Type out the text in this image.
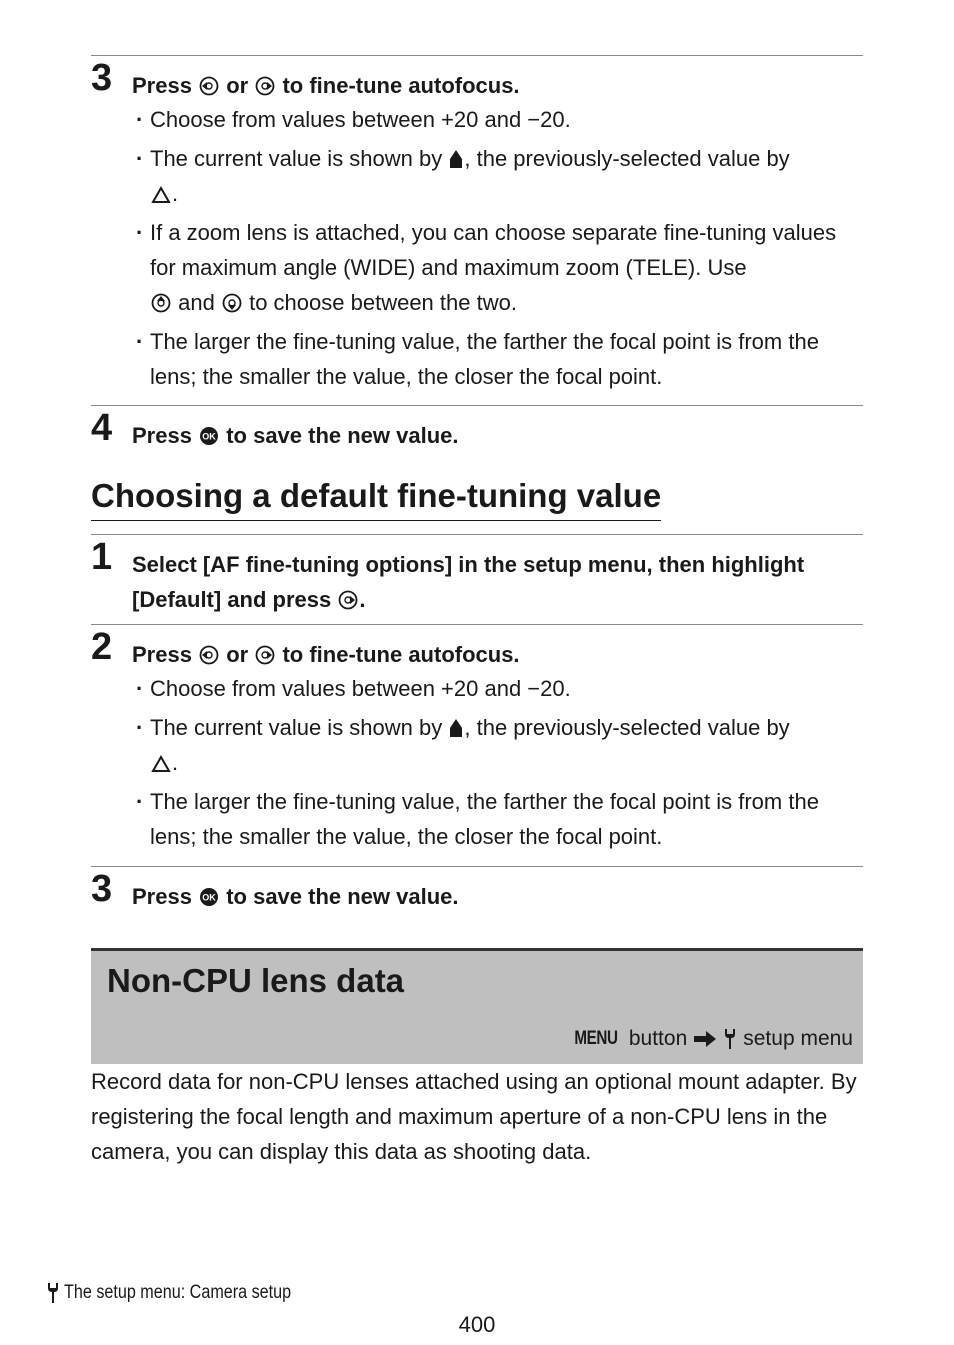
3 Press or to fine-tune autofocus.
· Choose from values between +20 and −20.
· The current value is shown by , the previously-selected value by
.
· If a zoom lens is attached, you can choose separate fine-tuning values for maximum angle (WIDE) and maximum zoom (TELE). Use
and to choose between the two.
· The larger the fine-tuning value, the farther the focal point is from the lens; the smaller the value, the closer the focal point.
4 Press OK to save the new value.
Choosing a default fine-tuning value
1 Select [AF fine-tuning options] in the setup menu, then highlight [Default] and press .
2 Press or to fine-tune autofocus.
· Choose from values between +20 and −20.
· The current value is shown by , the previously-selected value by
.
· The larger the fine-tuning value, the farther the focal point is from the lens; the smaller the value, the closer the focal point.
3 Press OK to save the new value.
Non-CPU lens data
MENU button	setup menu

Record data for non-CPU lenses attached using an optional mount adapter. By registering the focal length and maximum aperture of a non-CPU lens in the camera, you can display this data as shooting data.

The setup menu: Camera setup
400
